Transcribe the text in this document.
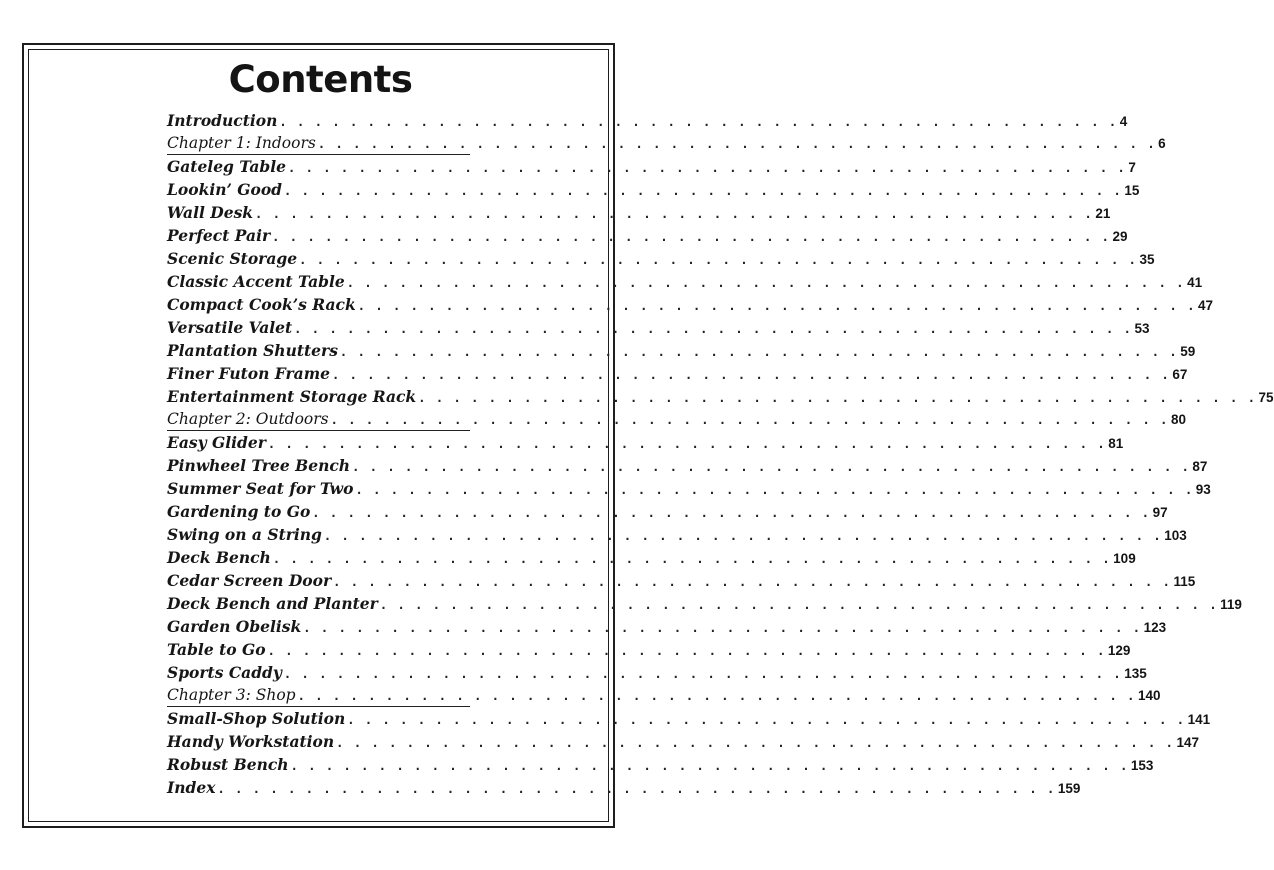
Contents
Introduction . . . . . . . . . . . . . . . . . . . . . . . . . . . . . . . . . . . . . . . . . . . . . . . . 4
Chapter 1: Indoors . . . . . . . . . . . . . . . . . . . . . . . . . . . . . . . . . . . . . . . . . . . . . . . . 6
Gateleg Table . . . . . . . . . . . . . . . . . . . . . . . . . . . . . . . . . . . . . . . . . . . . . . . . 7
Lookin’ Good . . . . . . . . . . . . . . . . . . . . . . . . . . . . . . . . . . . . . . . . . . . . . . . . 15
Wall Desk . . . . . . . . . . . . . . . . . . . . . . . . . . . . . . . . . . . . . . . . . . . . . . . . 21
Perfect Pair . . . . . . . . . . . . . . . . . . . . . . . . . . . . . . . . . . . . . . . . . . . . . . . . 29
Scenic Storage . . . . . . . . . . . . . . . . . . . . . . . . . . . . . . . . . . . . . . . . . . . . . . . . 35
Classic Accent Table . . . . . . . . . . . . . . . . . . . . . . . . . . . . . . . . . . . . . . . . . . . . . . . . 41
Compact Cook’s Rack . . . . . . . . . . . . . . . . . . . . . . . . . . . . . . . . . . . . . . . . . . . . . . . . 47
Versatile Valet . . . . . . . . . . . . . . . . . . . . . . . . . . . . . . . . . . . . . . . . . . . . . . . . 53
Plantation Shutters . . . . . . . . . . . . . . . . . . . . . . . . . . . . . . . . . . . . . . . . . . . . . . . . 59
Finer Futon Frame . . . . . . . . . . . . . . . . . . . . . . . . . . . . . . . . . . . . . . . . . . . . . . . . 67
Entertainment Storage Rack . . . . . . . . . . . . . . . . . . . . . . . . . . . . . . . . . . . . . . . . . . . . . . . . 75
Chapter 2: Outdoors . . . . . . . . . . . . . . . . . . . . . . . . . . . . . . . . . . . . . . . . . . . . . . . . 80
Easy Glider . . . . . . . . . . . . . . . . . . . . . . . . . . . . . . . . . . . . . . . . . . . . . . . . 81
Pinwheel Tree Bench . . . . . . . . . . . . . . . . . . . . . . . . . . . . . . . . . . . . . . . . . . . . . . . . 87
Summer Seat for Two . . . . . . . . . . . . . . . . . . . . . . . . . . . . . . . . . . . . . . . . . . . . . . . . 93
Gardening to Go . . . . . . . . . . . . . . . . . . . . . . . . . . . . . . . . . . . . . . . . . . . . . . . . 97
Swing on a String . . . . . . . . . . . . . . . . . . . . . . . . . . . . . . . . . . . . . . . . . . . . . . . . 103
Deck Bench . . . . . . . . . . . . . . . . . . . . . . . . . . . . . . . . . . . . . . . . . . . . . . . . 109
Cedar Screen Door . . . . . . . . . . . . . . . . . . . . . . . . . . . . . . . . . . . . . . . . . . . . . . . . 115
Deck Bench and Planter . . . . . . . . . . . . . . . . . . . . . . . . . . . . . . . . . . . . . . . . . . . . . . . . 119
Garden Obelisk . . . . . . . . . . . . . . . . . . . . . . . . . . . . . . . . . . . . . . . . . . . . . . . . 123
Table to Go . . . . . . . . . . . . . . . . . . . . . . . . . . . . . . . . . . . . . . . . . . . . . . . . 129
Sports Caddy . . . . . . . . . . . . . . . . . . . . . . . . . . . . . . . . . . . . . . . . . . . . . . . . 135
Chapter 3: Shop . . . . . . . . . . . . . . . . . . . . . . . . . . . . . . . . . . . . . . . . . . . . . . . . 140
Small-Shop Solution . . . . . . . . . . . . . . . . . . . . . . . . . . . . . . . . . . . . . . . . . . . . . . . . 141
Handy Workstation . . . . . . . . . . . . . . . . . . . . . . . . . . . . . . . . . . . . . . . . . . . . . . . . 147
Robust Bench . . . . . . . . . . . . . . . . . . . . . . . . . . . . . . . . . . . . . . . . . . . . . . . . 153
Index . . . . . . . . . . . . . . . . . . . . . . . . . . . . . . . . . . . . . . . . . . . . . . . . 159
